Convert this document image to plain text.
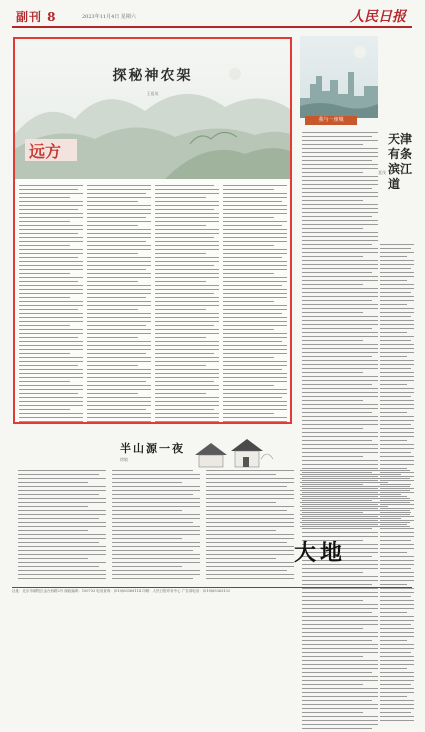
副刊 8	2023年11月4日 星期六	人民日报
探秘神农架
王祖英
远方
我与一座城
天津有条滨江道
聂茂
半山源一夜
徐敏
大地
社址：北京市朝阳区金台西路2号 邮政编码：100733 电话查询：(010)65368114 印刷：人民日报印务中心 广告部电话：(010)65363133
